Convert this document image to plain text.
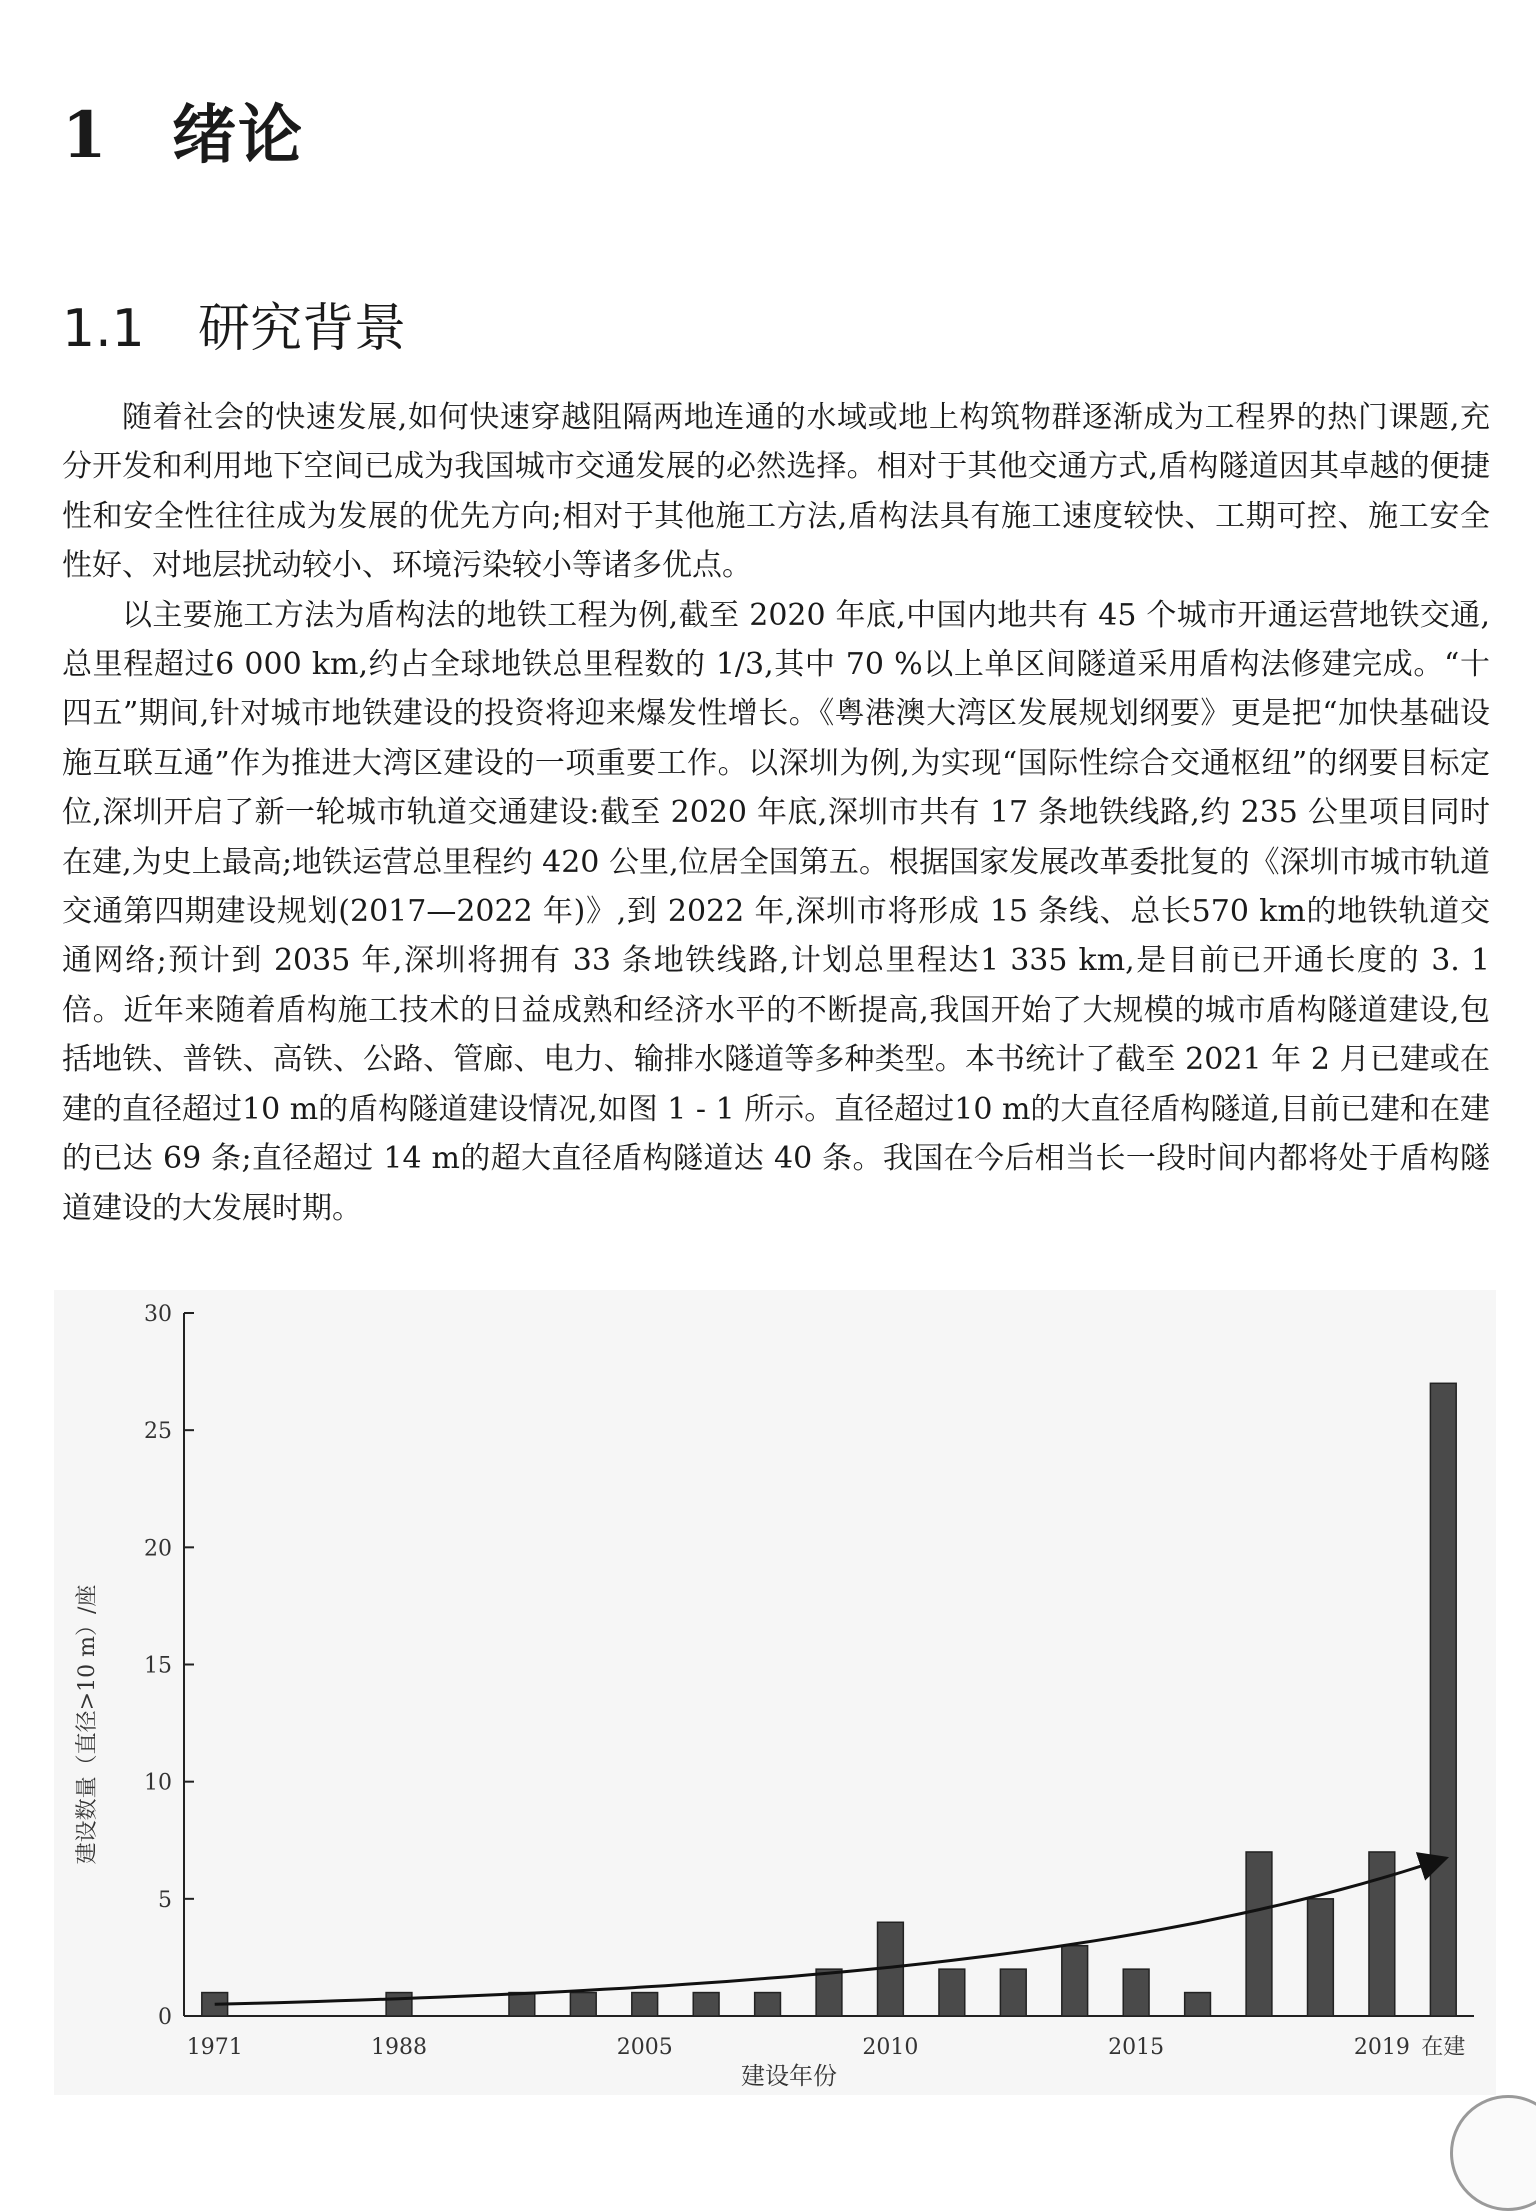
1 绪论
1.1 研究背景

随着社会的快速发展,如何快速穿越阻隔两地连通的水域或地上构筑物群逐渐成为工程界的热门课题,充分开发和利用地下空间已成为我国城市交通发展的必然选择。相对于其他交通方式,盾构隧道因其卓越的便捷性和安全性往往成为发展的优先方向;相对于其他施工方法,盾构法具有施工速度较快、工期可控、施工安全性好、对地层扰动较小、环境污染较小等诸多优点。

以主要施工方法为盾构法的地铁工程为例,截至 2020 年底,中国内地共有 45 个城市开通运营地铁交通,总里程超过6 000 km,约占全球地铁总里程数的 1/3,其中 70 %以上单区间隧道采用盾构法修建完成。“十四五”期间,针对城市地铁建设的投资将迎来爆发性增长。《粤港澳大湾区发展规划纲要》更是把“加快基础设施互联互通”作为推进大湾区建设的一项重要工作。以深圳为例,为实现“国际性综合交通枢纽”的纲要目标定位,深圳开启了新一轮城市轨道交通建设:截至 2020 年底,深圳市共有 17 条地铁线路,约 235 公里项目同时在建,为史上最高;地铁运营总里程约 420 公里,位居全国第五。根据国家发展改革委批复的《深圳市城市轨道交通第四期建设规划(2017—2022 年)》,到 2022 年,深圳市将形成 15 条线、总长570 km的地铁轨道交通网络;预计到 2035 年,深圳将拥有 33 条地铁线路,计划总里程达1 335 km,是目前已开通长度的 3. 1 倍。近年来随着盾构施工技术的日益成熟和经济水平的不断提高,我国开始了大规模的城市盾构隧道建设,包括地铁、普铁、高铁、公路、管廊、电力、输排水隧道等多种类型。本书统计了截至 2021 年 2 月已建或在建的直径超过10 m的盾构隧道建设情况,如图 1 - 1 所示。直径超过10 m的大直径盾构隧道,目前已建和在建的已达 69 条;直径超过 14 m的超大直径盾构隧道达 40 条。我国在今后相当长一段时间内都将处于盾构隧道建设的大发展时期。

0
5
10
15
20
25
30
1971	1988	2005	2010	2015	2019 在建
建设年份
建设数量（直径>10 m）/座
